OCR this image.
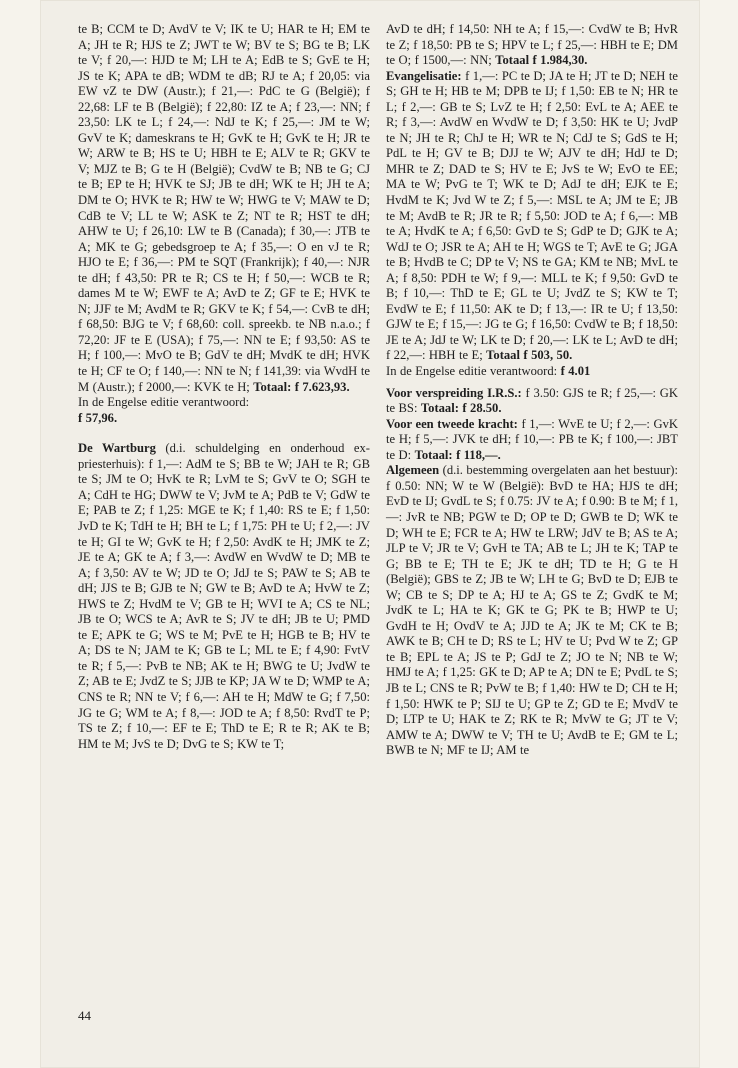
te B; CCM te D; AvdV te V; IK te U; HAR te H; EM te A; JH te R; HJS te Z; JWT te W; BV te S; BG te B; LK te V; f 20,—: HJD te M; LH te A; EdB te S; GvE te H; JS te K; APA te dB; WDM te dB; RJ te A; f 20,05: via EW vZ te DW (Austr.); f 21,—: PdC te G (België); f 22,68: LF te B (België); f 22,80: IZ te A; f 23,—: NN; f 23,50: LK te L; f 24,—: NdJ te K; f 25,—: JM te W; GvV te K; dameskrans te H; GvK te H; GvK te H; JR te W; ARW te B; HS te U; HBH te E; ALV te R; GKV te V; MJZ te B; G te H (België); CvdW te B; NB te G; CJ te B; EP te H; HVK te SJ; JB te dH; WK te H; JH te A; DM te O; HVK te R; HW te W; HWG te V; MAW te D; CdB te V; LL te W; ASK te Z; NT te R; HST te dH; AHW te U; f 26,10: LW te B (Canada); f 30,—: JTB te A; MK te G; gebedsgroep te A; f 35,—: O en vJ te R; HJO te E; f 36,—: PM te SQT (Frankrijk); f 40,—: NJR te dH; f 43,50: PR te R; CS te H; f 50,—: WCB te R; dames M te W; EWF te A; AvD te Z; GF te E; HVK te N; JJF te M; AvdM te R; GKV te K; f 54,—: CvB te dH; f 68,50: BJG te V; f 68,60: coll. spreekb. te NB n.a.o.; f 72,20: JF te E (USA); f 75,—: NN te E; f 93,50: AS te H; f 100,—: MvO te B; GdV te dH; MvdK te dH; HVK te H; CF te O; f 140,—: NN te N; f 141,39: via WvdH te M (Austr.); f 2000,—: KVK te H; Totaal: f 7.623,93.

In de Engelse editie verantwoord:
f 57,96.

De Wartburg (d.i. schuldelging en onderhoud ex-priesterhuis): f 1,—: AdM te S; BB te W; JAH te R; GB te S; JM te O; HvK te R; LvM te S; GvV te O; SGH te A; CdH te HG; DWW te V; JvM te A; PdB te V; GdW te E; PAB te Z; f 1,25: MGE te K; f 1,40: RS te E; f 1,50: JvD te K; TdH te H; BH te L; f 1,75: PH te U; f 2,—: JV te H; GI te W; GvK te H; f 2,50: AvdK te H; JMK te Z; JE te A; GK te A; f 3,—: AvdW en WvdW te D; MB te A; f 3,50: AV te W; JD te O; JdJ te S; PAW te S; AB te dH; JJS te B; GJB te N; GW te B; AvD te A; HvW te Z; HWS te Z; HvdM te V; GB te H; WVI te A; CS te NL; JB te O; WCS te A; AvR te S; JV te dH; JB te U; PMD te E; APK te G; WS te M; PvE te H; HGB te B; HV te A; DS te N; JAM te K; GB te L; ML te E; f 4,90: FvtV te R; f 5,—: PvB te NB; AK te H; BWG te U; JvdW te Z; AB te E; JvdZ te S; JJB te KP; JA W te D; WMP te A; CNS te R; NN te V; f 6,—: AH te H; MdW te G; f 7,50: JG te G; WM te A; f 8,—: JOD te A; f 8,50: RvdT te P; TS te Z; f 10,—: EF te E; ThD te E; R te R; AK te B; HM te M; JvS te D; DvG te S; KW te T;

AvD te dH; f 14,50: NH te A; f 15,—: CvdW te B; HvR te Z; f 18,50: PB te S; HPV te L; f 25,—: HBH te E; DM te O; f 1500,—: NN; Totaal f 1.984,30.

Evangelisatie: f 1,—: PC te D; JA te H; JT te D; NEH te S; GH te H; HB te M; DPB te IJ; f 1,50: EB te N; HR te L; f 2,—: GB te S; LvZ te H; f 2,50: EvL te A; AEE te R; f 3,—: AvdW en WvdW te D; f 3,50: HK te U; JvdP te N; JH te R; ChJ te H; WR te N; CdJ te S; GdS te H; PdL te H; GV te B; DJJ te W; AJV te dH; HdJ te D; MHR te Z; DAD te S; HV te E; JvS te W; EvO te EE; MA te W; PvG te T; WK te D; AdJ te dH; EJK te E; HvdM te K; Jvd W te Z; f 5,—: MSL te A; JM te E; JB te M; AvdB te R; JR te R; f 5,50: JOD te A; f 6,—: MB te A; HvdK te A; f 6,50: GvD te S; GdP te D; GJK te A; WdJ te O; JSR te A; AH te H; WGS te T; AvE te G; JGA te B; HvdB te C; DP te V; NS te GA; KM te NB; MvL te A; f 8,50: PDH te W; f 9,—: MLL te K; f 9,50: GvD te B; f 10,—: ThD te E; GL te U; JvdZ te S; KW te T; EvdW te E; f 11,50: AK te D; f 13,—: IR te U; f 13,50: GJW te E; f 15,—: JG te G; f 16,50: CvdW te B; f 18,50: JE te A; JdJ te W; LK te D; f 20,—: LK te L; AvD te dH; f 22,—: HBH te E; Totaal f 503, 50.

In de Engelse editie verantwoord: f 4.01

Voor verspreiding I.R.S.: f 3.50: GJS te R; f 25,—: GK te BS: Totaal: f 28.50.

Voor een tweede kracht: f 1,—: WvE te U; f 2,—: GvK te H; f 5,—: JVK te dH; f 10,—: PB te K; f 100,—: JBT te D: Totaal: f 118,—.

Algemeen (d.i. bestemming overgelaten aan het bestuur): f 0.50: NN; W te W (België): BvD te HA; HJS te dH; EvD te IJ; GvdL te S; f 0.75: JV te A; f 0.90: B te M; f 1,—: JvR te NB; PGW te D; OP te D; GWB te D; WK te D; WH te E; FCR te A; HW te LRW; JdV te B; AS te A; JLP te V; JR te V; GvH te TA; AB te L; JH te K; TAP te G; BB te E; TH te E; JK te dH; TD te H; G te H (België); GBS te Z; JB te W; LH te G; BvD te D; EJB te W; CB te S; DP te A; HJ te A; GS te Z; GvdK te M; JvdK te L; HA te K; GK te G; PK te B; HWP te U; GvdH te H; OvdV te A; JJD te A; JK te M; CK te B; AWK te B; CH te D; RS te L; HV te U; Pvd W te Z; GP te B; EPL te A; JS te P; GdJ te Z; JO te N; NB te W; HMJ te A; f 1,25: GK te D; AP te A; DN te E; PvdL te S; JB te L; CNS te R; PvW te B; f 1,40: HW te D; CH te H; f 1,50: HWK te P; SIJ te U; GP te Z; GD te E; MvdV te D; LTP te U; HAK te Z; RK te R; MvW te G; JT te V; AMW te A; DWW te V; TH te U; AvdB te E; GM te L; BWB te N; MF te IJ; AM te

44
